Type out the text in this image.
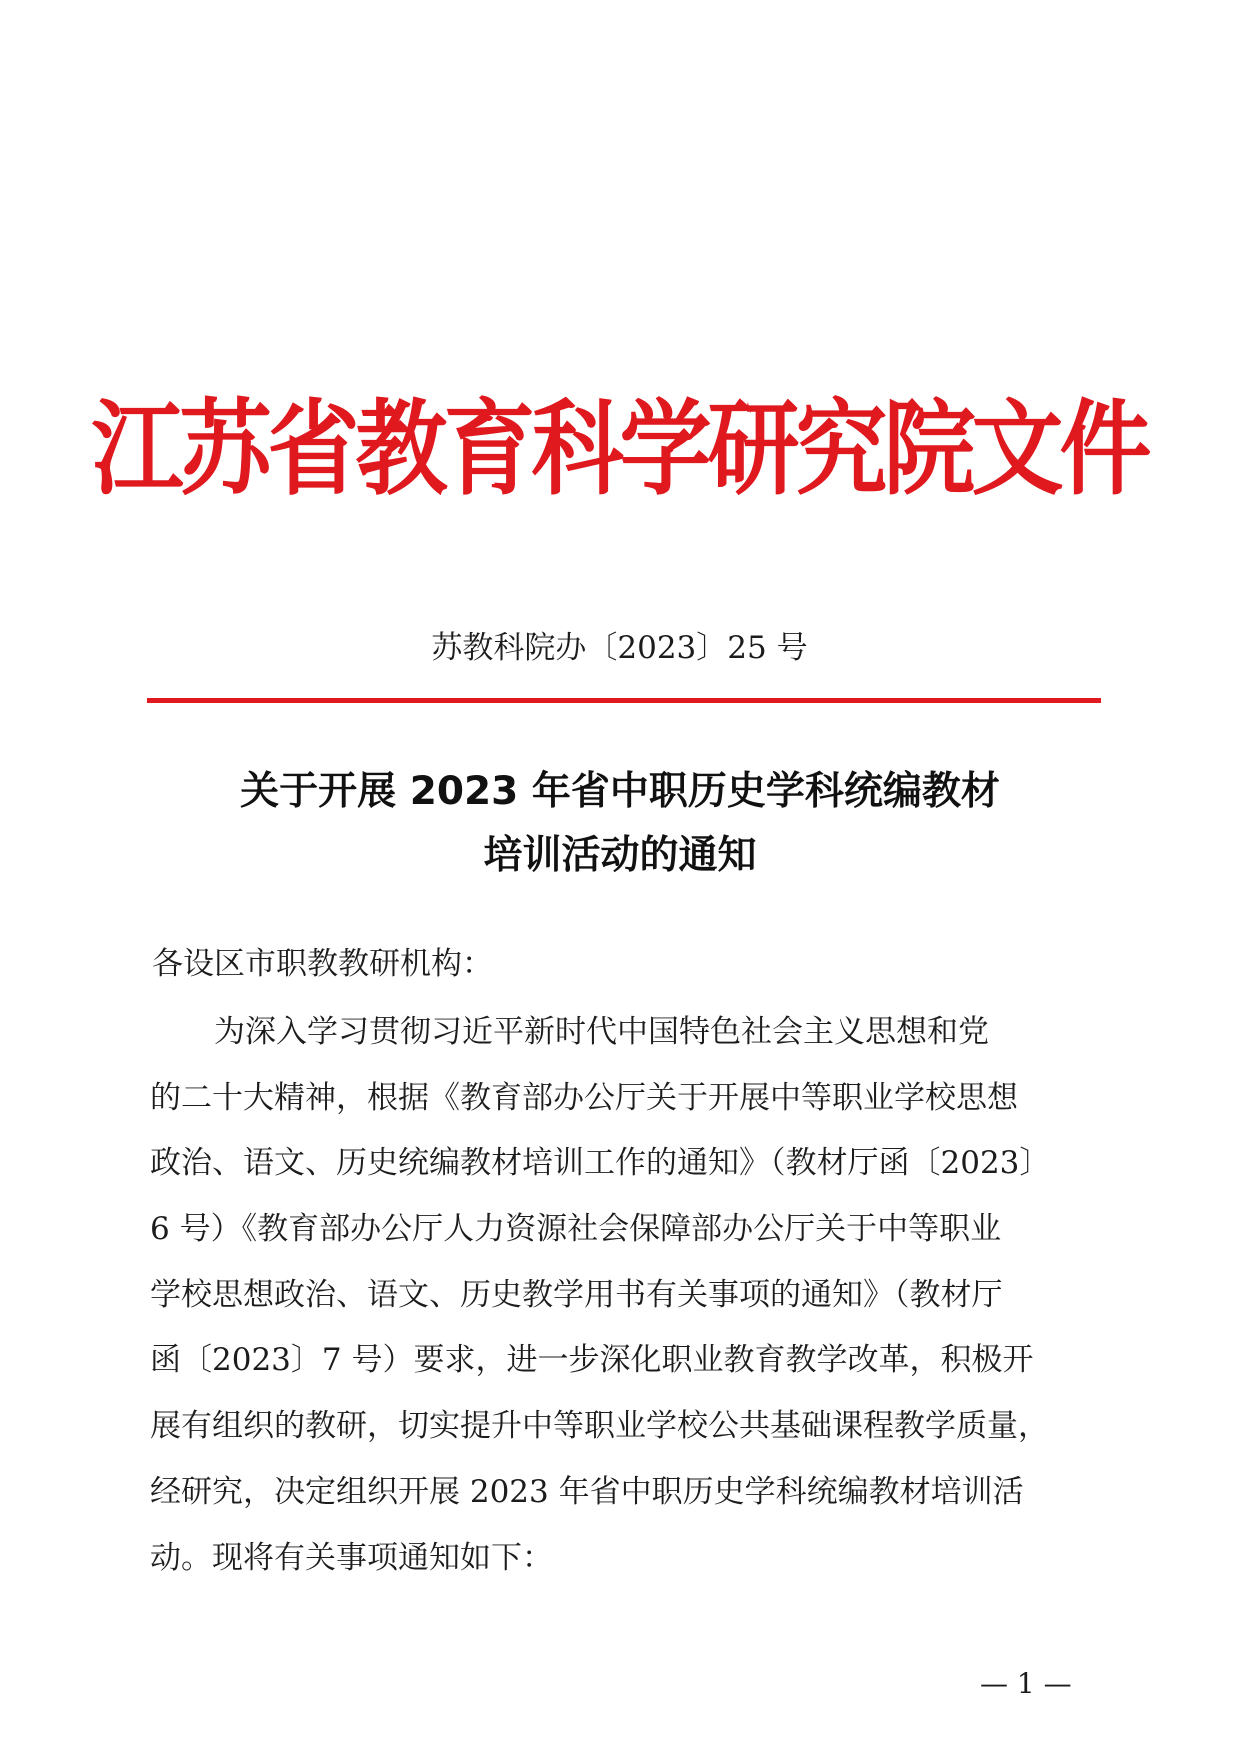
江苏省教育科学研究院文件
苏教科院办〔2023〕25 号
关于开展 2023 年省中职历史学科统编教材
培训活动的通知
各设区市职教教研机构：
为深入学习贯彻习近平新时代中国特色社会主义思想和党
的二十大精神，根据《教育部办公厅关于开展中等职业学校思想
政治、语文、历史统编教材培训工作的通知》（教材厅函〔2023〕
6 号）《教育部办公厅人力资源社会保障部办公厅关于中等职业
学校思想政治、语文、历史教学用书有关事项的通知》（教材厅
函〔2023〕7 号）要求，进一步深化职业教育教学改革，积极开
展有组织的教研，切实提升中等职业学校公共基础课程教学质量，
经研究，决定组织开展 2023 年省中职历史学科统编教材培训活
动。现将有关事项通知如下：
— 1 —
